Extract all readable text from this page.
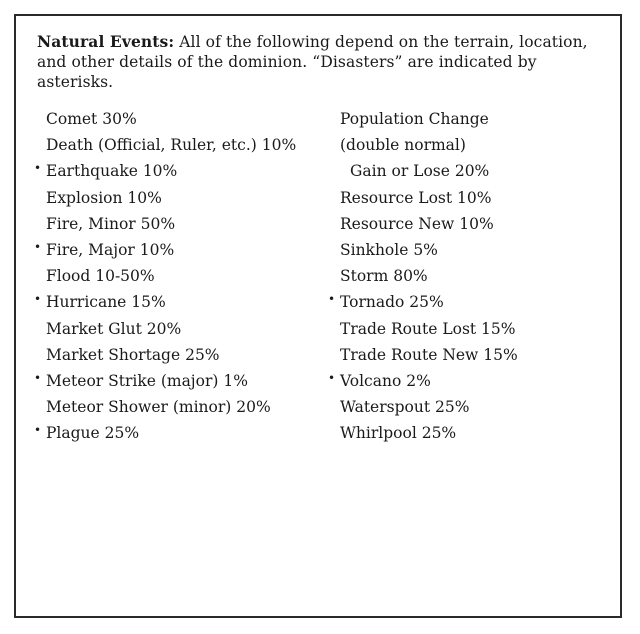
Natural Events: All of the following depend on the terrain, location, and other details of the dominion. “Disasters” are indicated by asterisks.
Comet 30%
Death (Official, Ruler, etc.) 10%
• Earthquake 10%
Explosion 10%
Fire, Minor 50%
• Fire, Major 10%
Flood 10-50%
• Hurricane 15%
Market Glut 20%
Market Shortage 25%
• Meteor Strike (major) 1%
Meteor Shower (minor) 20%
• Plague 25%
Population Change
(double normal)
Gain or Lose 20%
Resource Lost 10%
Resource New 10%
Sinkhole 5%
Storm 80%
• Tornado 25%
Trade Route Lost 15%
Trade Route New 15%
• Volcano 2%
Waterspout 25%
Whirlpool 25%
